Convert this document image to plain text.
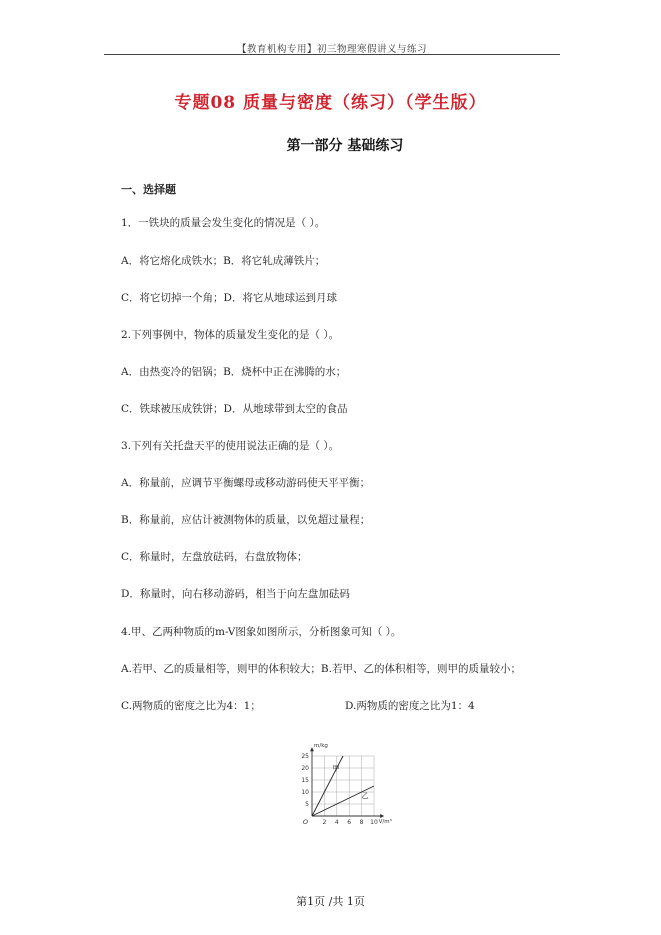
【教育机构专用】初三物理寒假讲义与练习
专题08 质量与密度（练习）（学生版）
第一部分 基础练习
一、选择题
1．一铁块的质量会发生变化的情况是（ ）。
A．将它熔化成铁水；B．将它轧成薄铁片；
C．将它切掉一个角；D．将它从地球运到月球
2.下列事例中，物体的质量发生变化的是（ ）。
A．由热变冷的铝锅；B．烧杯中正在沸腾的水；
C．铁球被压成铁饼；D．从地球带到太空的食品
3.下列有关托盘天平的使用说法正确的是（ ）。
A．称量前，应调节平衡螺母或移动游码使天平平衡；
B．称量前，应估计被测物体的质量，以免超过量程；
C．称量时，左盘放砝码，右盘放物体；
D．称量时，向右移动游码，相当于向左盘加砝码
4.甲、乙两种物质的m-V图象如图所示，分析图象可知（ ）。
A.若甲、乙的质量相等，则甲的体积较大；B.若甲、乙的体积相等，则甲的质量较小；
C.两物质的密度之比为4：1；	D.两物质的密度之比为1：4
2 4 6 8 10
5
10
15
20
25
O
m/kg
V/m³
甲
乙
第1页 /共 1页
